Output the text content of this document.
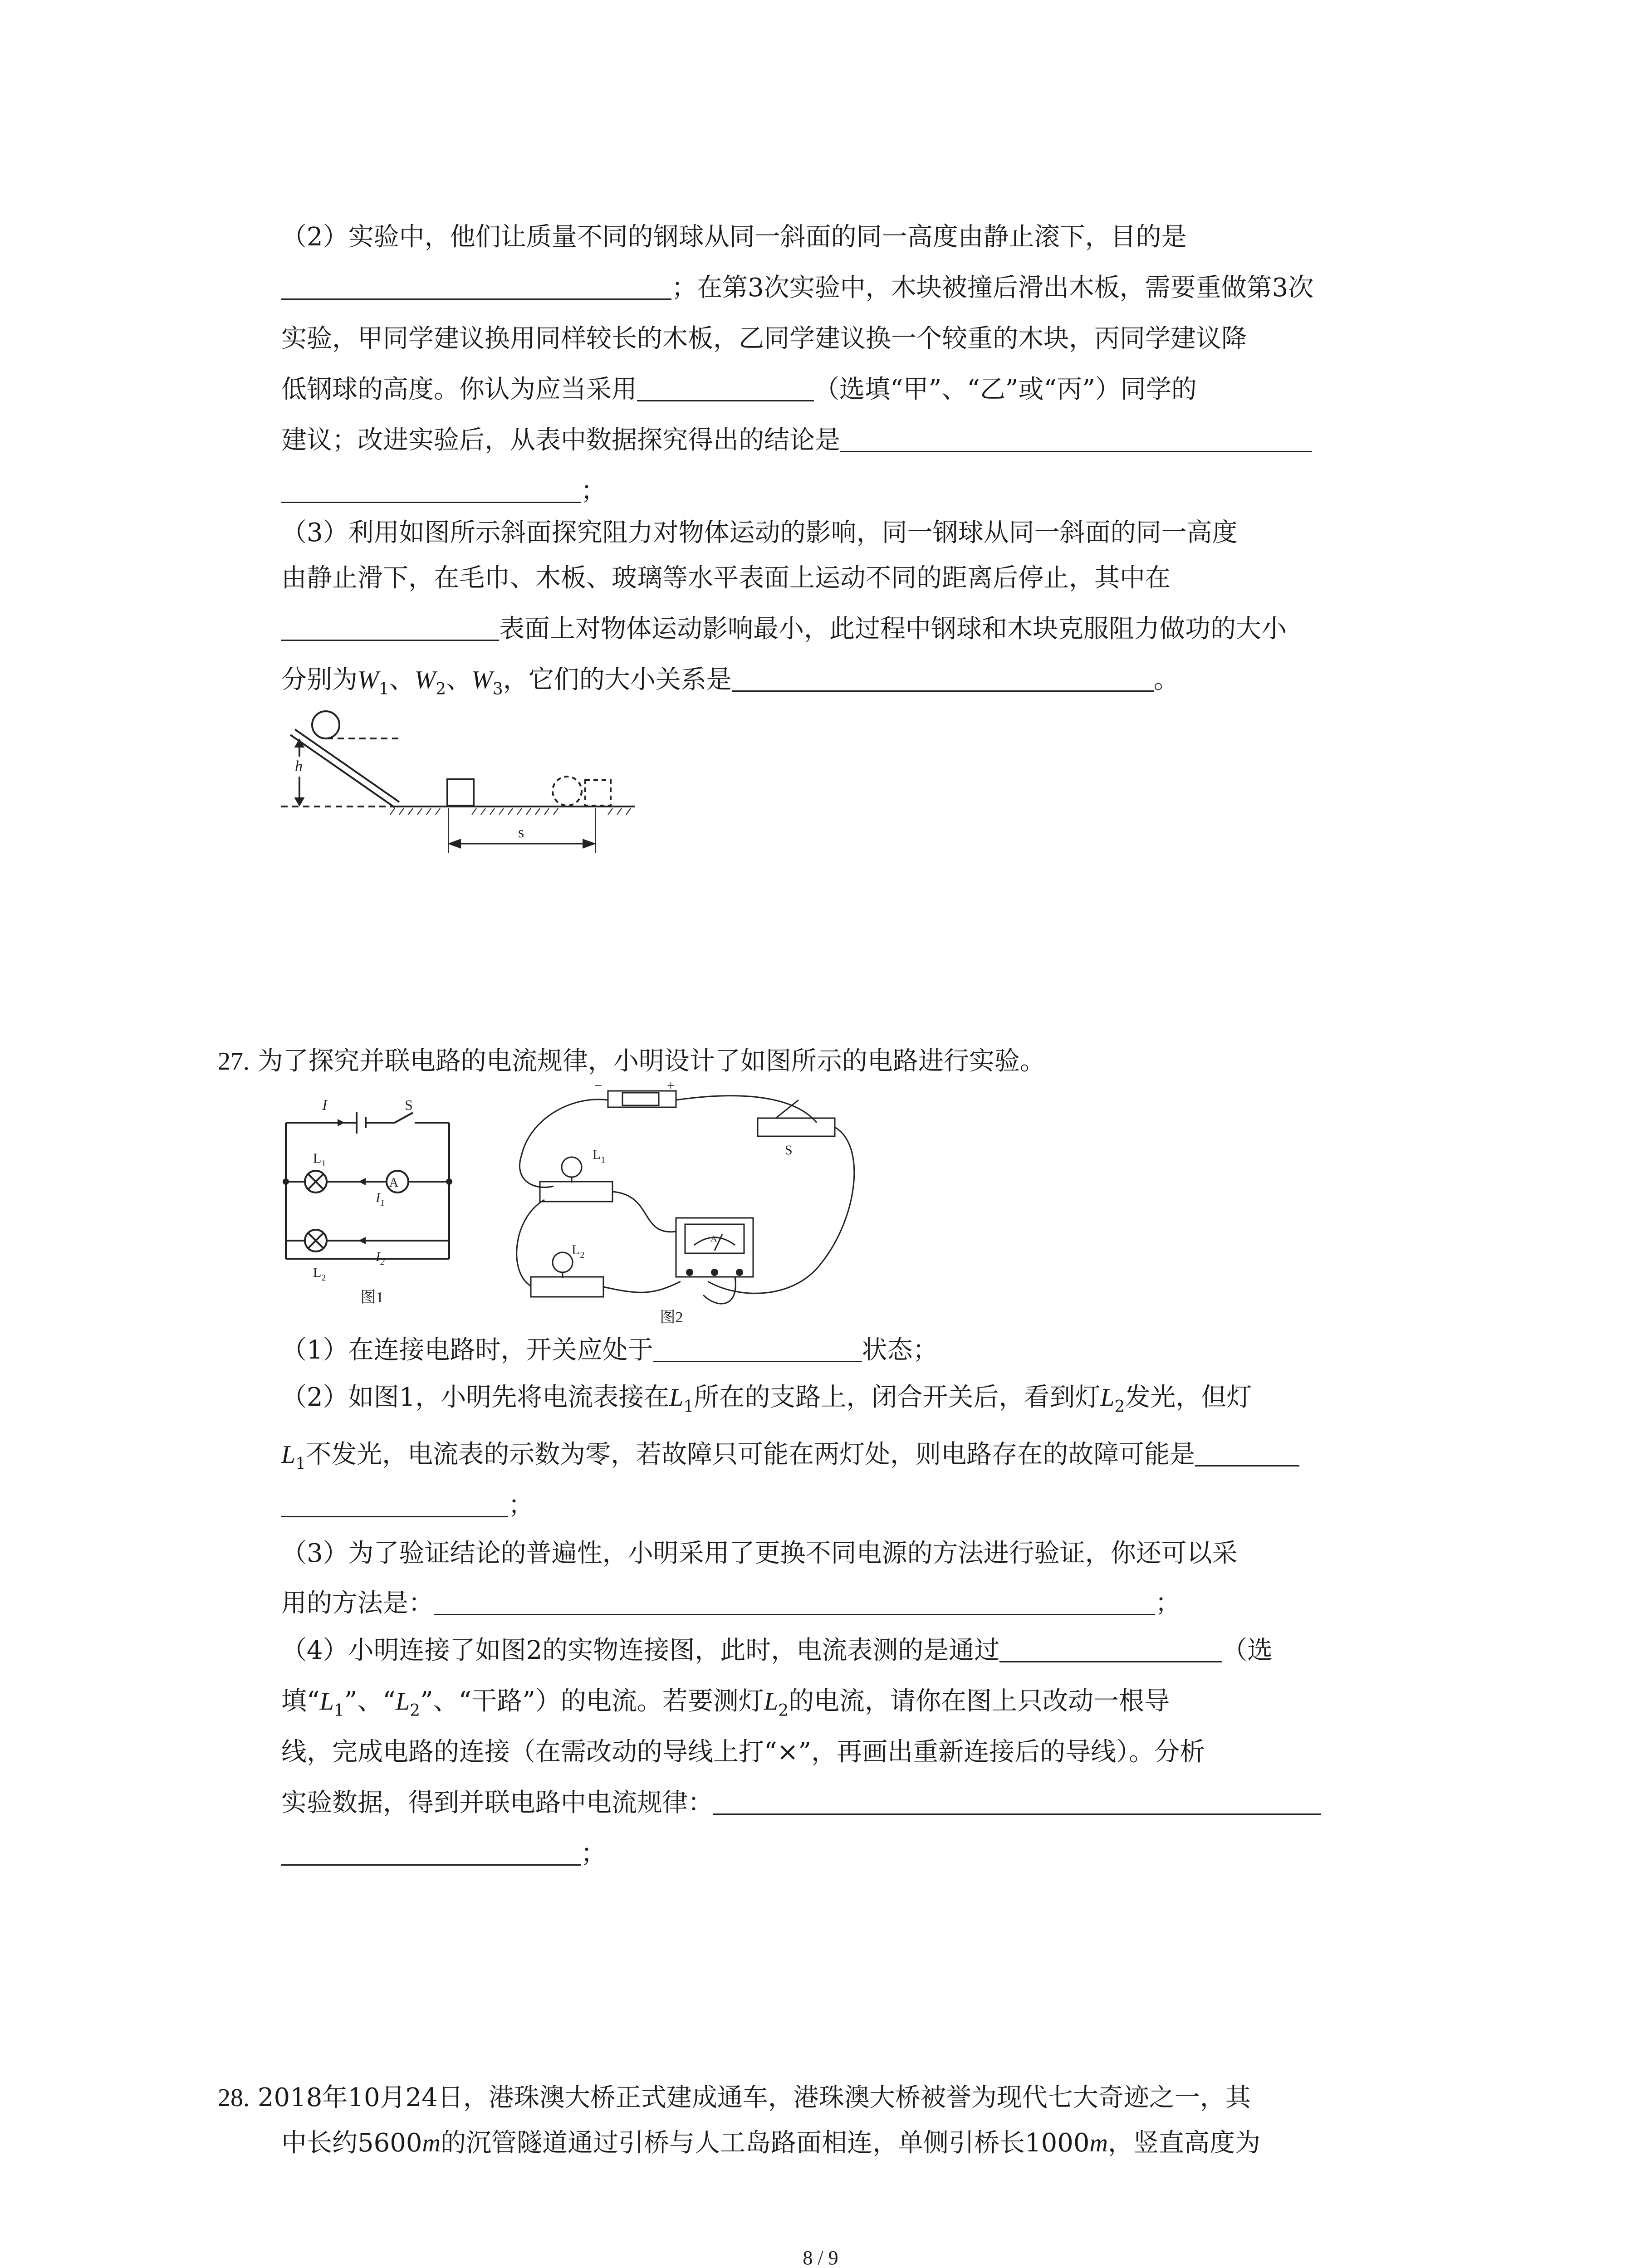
（2）实验中，他们让质量不同的钢球从同一斜面的同一高度由静止滚下，目的是
；在第3次实验中，木块被撞后滑出木板，需要重做第3次
实验，甲同学建议换用同样较长的木板，乙同学建议换一个较重的木块，丙同学建议降
低钢球的高度。你认为应当采用	（选填“甲”、“乙”或“丙”）同学的
建议；改进实验后，从表中数据探究得出的结论是
；
（3）利用如图所示斜面探究阻力对物体运动的影响，同一钢球从同一斜面的同一高度
由静止滑下，在毛巾、木板、玻璃等水平表面上运动不同的距离后停止，其中在
表面上对物体运动影响最小，此过程中钢球和木块克服阻力做功的大小
分别为$W_1$、$W_2$、$W_3$，它们的大小关系是	。
h
s
27. 为了探究并联电路的电流规律，小明设计了如图所示的电路进行实验。
I	S
$L_1$
A
$I_1$
$I_2$
$L_2$
图1
−	+
$L_1$
$L_2$
S
A
图2
（1）在连接电路时，开关应处于	状态；
（2）如图1，小明先将电流表接在$L_1$所在的支路上，闭合开关后，看到灯$L_2$发光，但灯
$L_1$不发光，电流表的示数为零，若故障只可能在两灯处，则电路存在的故障可能是
；
（3）为了验证结论的普遍性，小明采用了更换不同电源的方法进行验证，你还可以采
用的方法是：	；
（4）小明连接了如图2的实物连接图，此时，电流表测的是通过	（选
填“$L_1$”、“$L_2$”、“干路”）的电流。若要测灯$L_2$的电流，请你在图上只改动一根导
线，完成电路的连接（在需改动的导线上打“×”，再画出重新连接后的导线）。分析
实验数据，得到并联电路中电流规律：
；
28. 2018年10月24日，港珠澳大桥正式建成通车，港珠澳大桥被誉为现代七大奇迹之一，其
中长约5600m的沉管隧道通过引桥与人工岛路面相连，单侧引桥长1000m，竖直高度为
8 / 9
